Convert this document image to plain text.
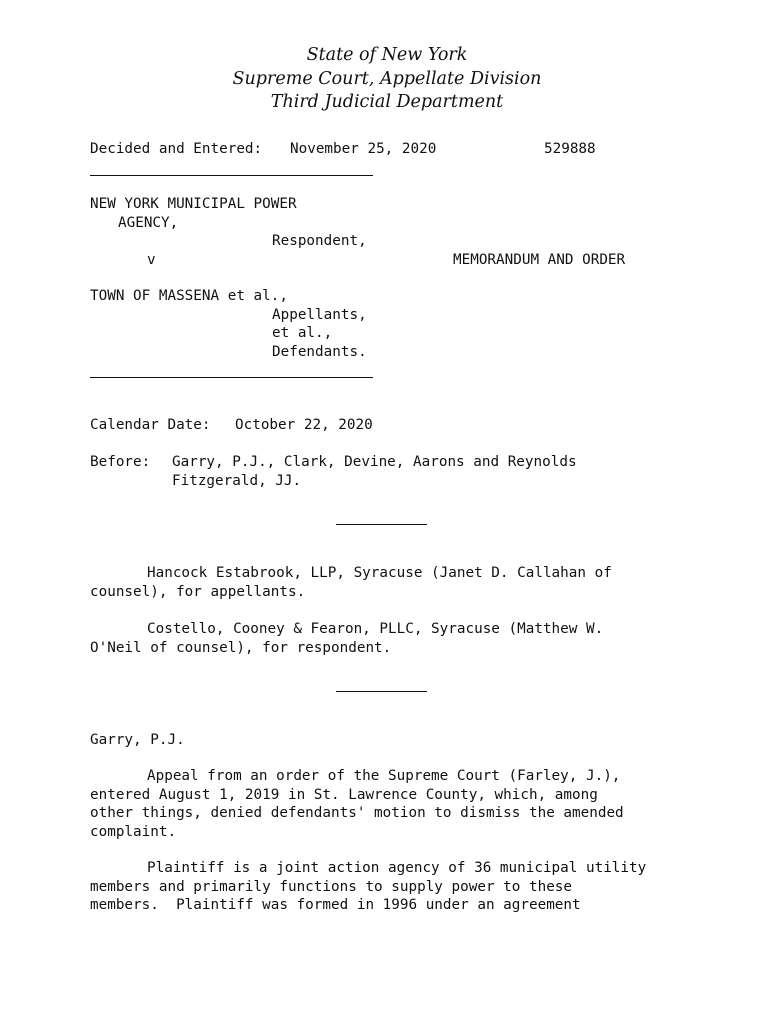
State of New York
Supreme Court, Appellate Division
Third Judicial Department
Decided and Entered: November 25, 2020	529888
NEW YORK MUNICIPAL POWER
AGENCY,
Respondent,
v	MEMORANDUM AND ORDER
TOWN OF MASSENA et al.,
Appellants,
et al.,
Defendants.
Calendar Date: October 22, 2020
Before: Garry, P.J., Clark, Devine, Aarons and Reynolds
Fitzgerald, JJ.
Hancock Estabrook, LLP, Syracuse (Janet D. Callahan of
counsel), for appellants.
Costello, Cooney & Fearon, PLLC, Syracuse (Matthew W.
O'Neil of counsel), for respondent.
Garry, P.J.
Appeal from an order of the Supreme Court (Farley, J.),
entered August 1, 2019 in St. Lawrence County, which, among
other things, denied defendants' motion to dismiss the amended
complaint.
Plaintiff is a joint action agency of 36 municipal utility
members and primarily functions to supply power to these
members.  Plaintiff was formed in 1996 under an agreement
